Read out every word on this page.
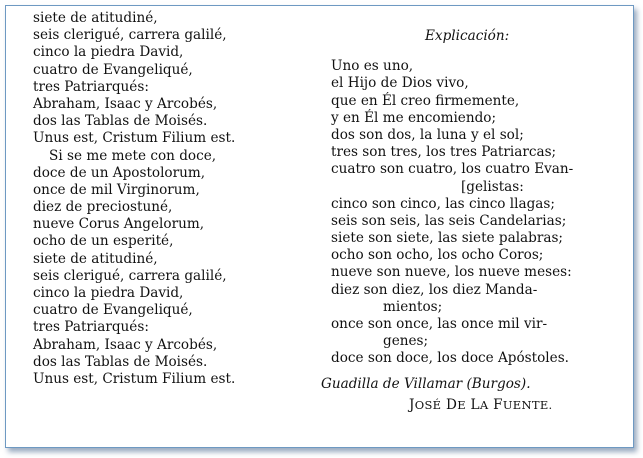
siete de atitudiné,
seis clerigué, carrera galilé,
cinco la piedra David,
cuatro de Evangeliqué,
tres Patriarqués:
Abraham, Isaac y Arcobés,
dos las Tablas de Moisés.
Unus est, Cristum Filium est.
Si se me mete con doce,
doce de un Apostolorum,
once de mil Virginorum,
diez de preciostuné,
nueve Corus Angelorum,
ocho de un esperité,
siete de atitudiné,
seis clerigué, carrera galilé,
cinco la piedra David,
cuatro de Evangeliqué,
tres Patriarqués:
Abraham, Isaac y Arcobés,
dos las Tablas de Moisés.
Unus est, Cristum Filium est.
Explicación:
Uno es uno,
el Hijo de Dios vivo,
que en Él creo firmemente,
y en Él me encomiendo;
dos son dos, la luna y el sol;
tres son tres, los tres Patriarcas;
cuatro son cuatro, los cuatro Evan-
[gelistas:
cinco son cinco, las cinco llagas;
seis son seis, las seis Candelarias;
siete son siete, las siete palabras;
ocho son ocho, los ocho Coros;
nueve son nueve, los nueve meses:
diez son diez, los diez Manda-
mientos;
once son once, las once mil vir-
genes;
doce son doce, los doce Apóstoles.
Guadilla de Villamar (Burgos).
JOSÉ DE LA FUENTE.
